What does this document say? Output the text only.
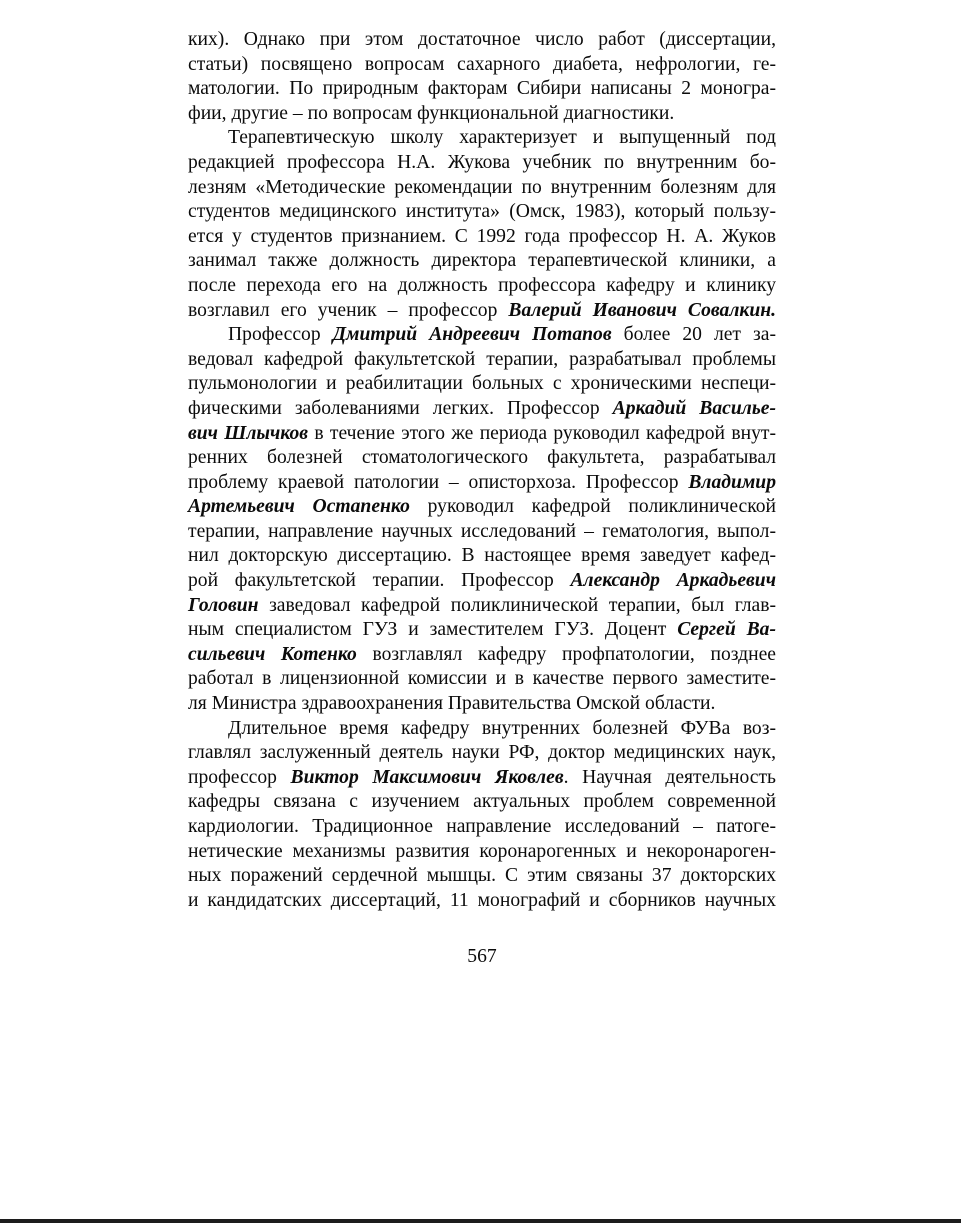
ких). Однако при этом достаточное число работ (диссертации,
статьи) посвящено вопросам сахарного диабета, нефрологии, ге-
матологии. По природным факторам Сибири написаны 2 моногра-
фии, другие – по вопросам функциональной диагностики.
Терапевтическую школу характеризует и выпущенный под
редакцией профессора Н.А. Жукова учебник по внутренним бо-
лезням «Методические рекомендации по внутренним болезням для
студентов медицинского института» (Омск, 1983), который пользу-
ется у студентов признанием. С 1992 года профессор Н. А. Жуков
занимал также должность директора терапевтической клиники, а
после перехода его на должность профессора кафедру и клинику
возглавил его ученик – профессор Валерий Иванович Совалкин.
Профессор Дмитрий Андреевич Потапов более 20 лет за-
ведовал кафедрой факультетской терапии, разрабатывал проблемы
пульмонологии и реабилитации больных с хроническими неспеци-
фическими заболеваниями легких. Профессор Аркадий Василье-
вич Шлычков в течение этого же периода руководил кафедрой внут-
ренних болезней стоматологического факультета, разрабатывал
проблему краевой патологии – описторхоза. Профессор Владимир
Артемьевич Остапенко руководил кафедрой поликлинической
терапии, направление научных исследований – гематология, выпол-
нил докторскую диссертацию. В настоящее время заведует кафед-
рой факультетской терапии. Профессор Александр Аркадьевич
Головин заведовал кафедрой поликлинической терапии, был глав-
ным специалистом ГУЗ и заместителем ГУЗ. Доцент Сергей Ва-
сильевич Котенко возглавлял кафедру профпатологии, позднее
работал в лицензионной комиссии и в качестве первого заместите-
ля Министра здравоохранения Правительства Омской области.
Длительное время кафедру внутренних болезней ФУВа воз-
главлял заслуженный деятель науки РФ, доктор медицинских наук,
профессор Виктор Максимович Яковлев. Научная деятельность
кафедры связана с изучением актуальных проблем современной
кардиологии. Традиционное направление исследований – патоге-
нетические механизмы развития коронарогенных и некоронароген-
ных поражений сердечной мышцы. С этим связаны 37 докторских
и кандидатских диссертаций, 11 монографий и сборников научных
567
